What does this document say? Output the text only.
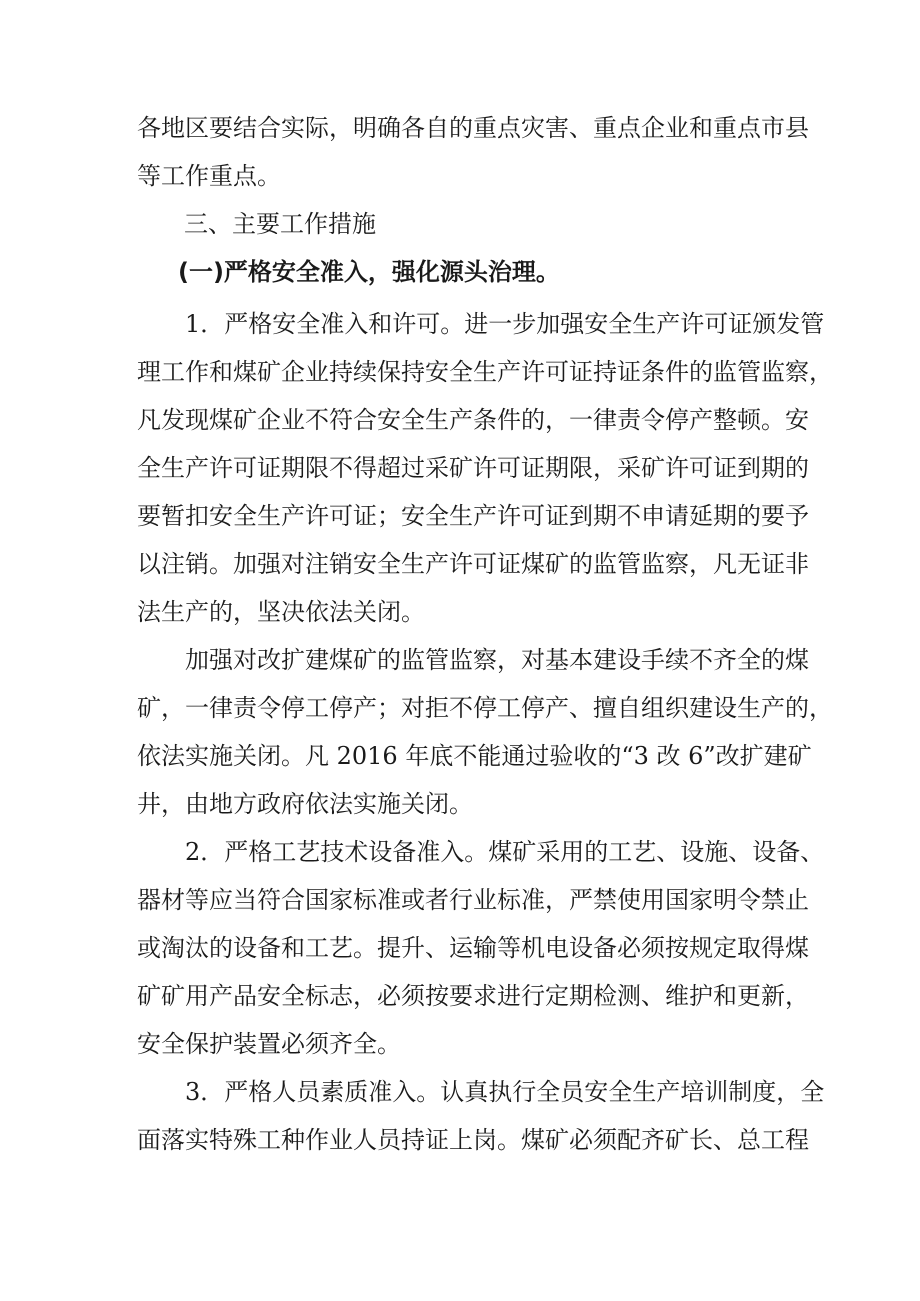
各地区要结合实际，明确各自的重点灾害、重点企业和重点市县
等工作重点。
三、主要工作措施
(一)严格安全准入，强化源头治理。
1．严格安全准入和许可。进一步加强安全生产许可证颁发管
理工作和煤矿企业持续保持安全生产许可证持证条件的监管监察，
凡发现煤矿企业不符合安全生产条件的，一律责令停产整顿。安
全生产许可证期限不得超过采矿许可证期限，采矿许可证到期的
要暂扣安全生产许可证；安全生产许可证到期不申请延期的要予
以注销。加强对注销安全生产许可证煤矿的监管监察，凡无证非
法生产的，坚决依法关闭。
加强对改扩建煤矿的监管监察，对基本建设手续不齐全的煤
矿，一律责令停工停产；对拒不停工停产、擅自组织建设生产的，
依法实施关闭。凡 2016 年底不能通过验收的“3 改 6”改扩建矿
井，由地方政府依法实施关闭。
2．严格工艺技术设备准入。煤矿采用的工艺、设施、设备、
器材等应当符合国家标准或者行业标准，严禁使用国家明令禁止
或淘汰的设备和工艺。提升、运输等机电设备必须按规定取得煤
矿矿用产品安全标志，必须按要求进行定期检测、维护和更新，
安全保护装置必须齐全。
3．严格人员素质准入。认真执行全员安全生产培训制度，全
面落实特殊工种作业人员持证上岗。煤矿必须配齐矿长、总工程
